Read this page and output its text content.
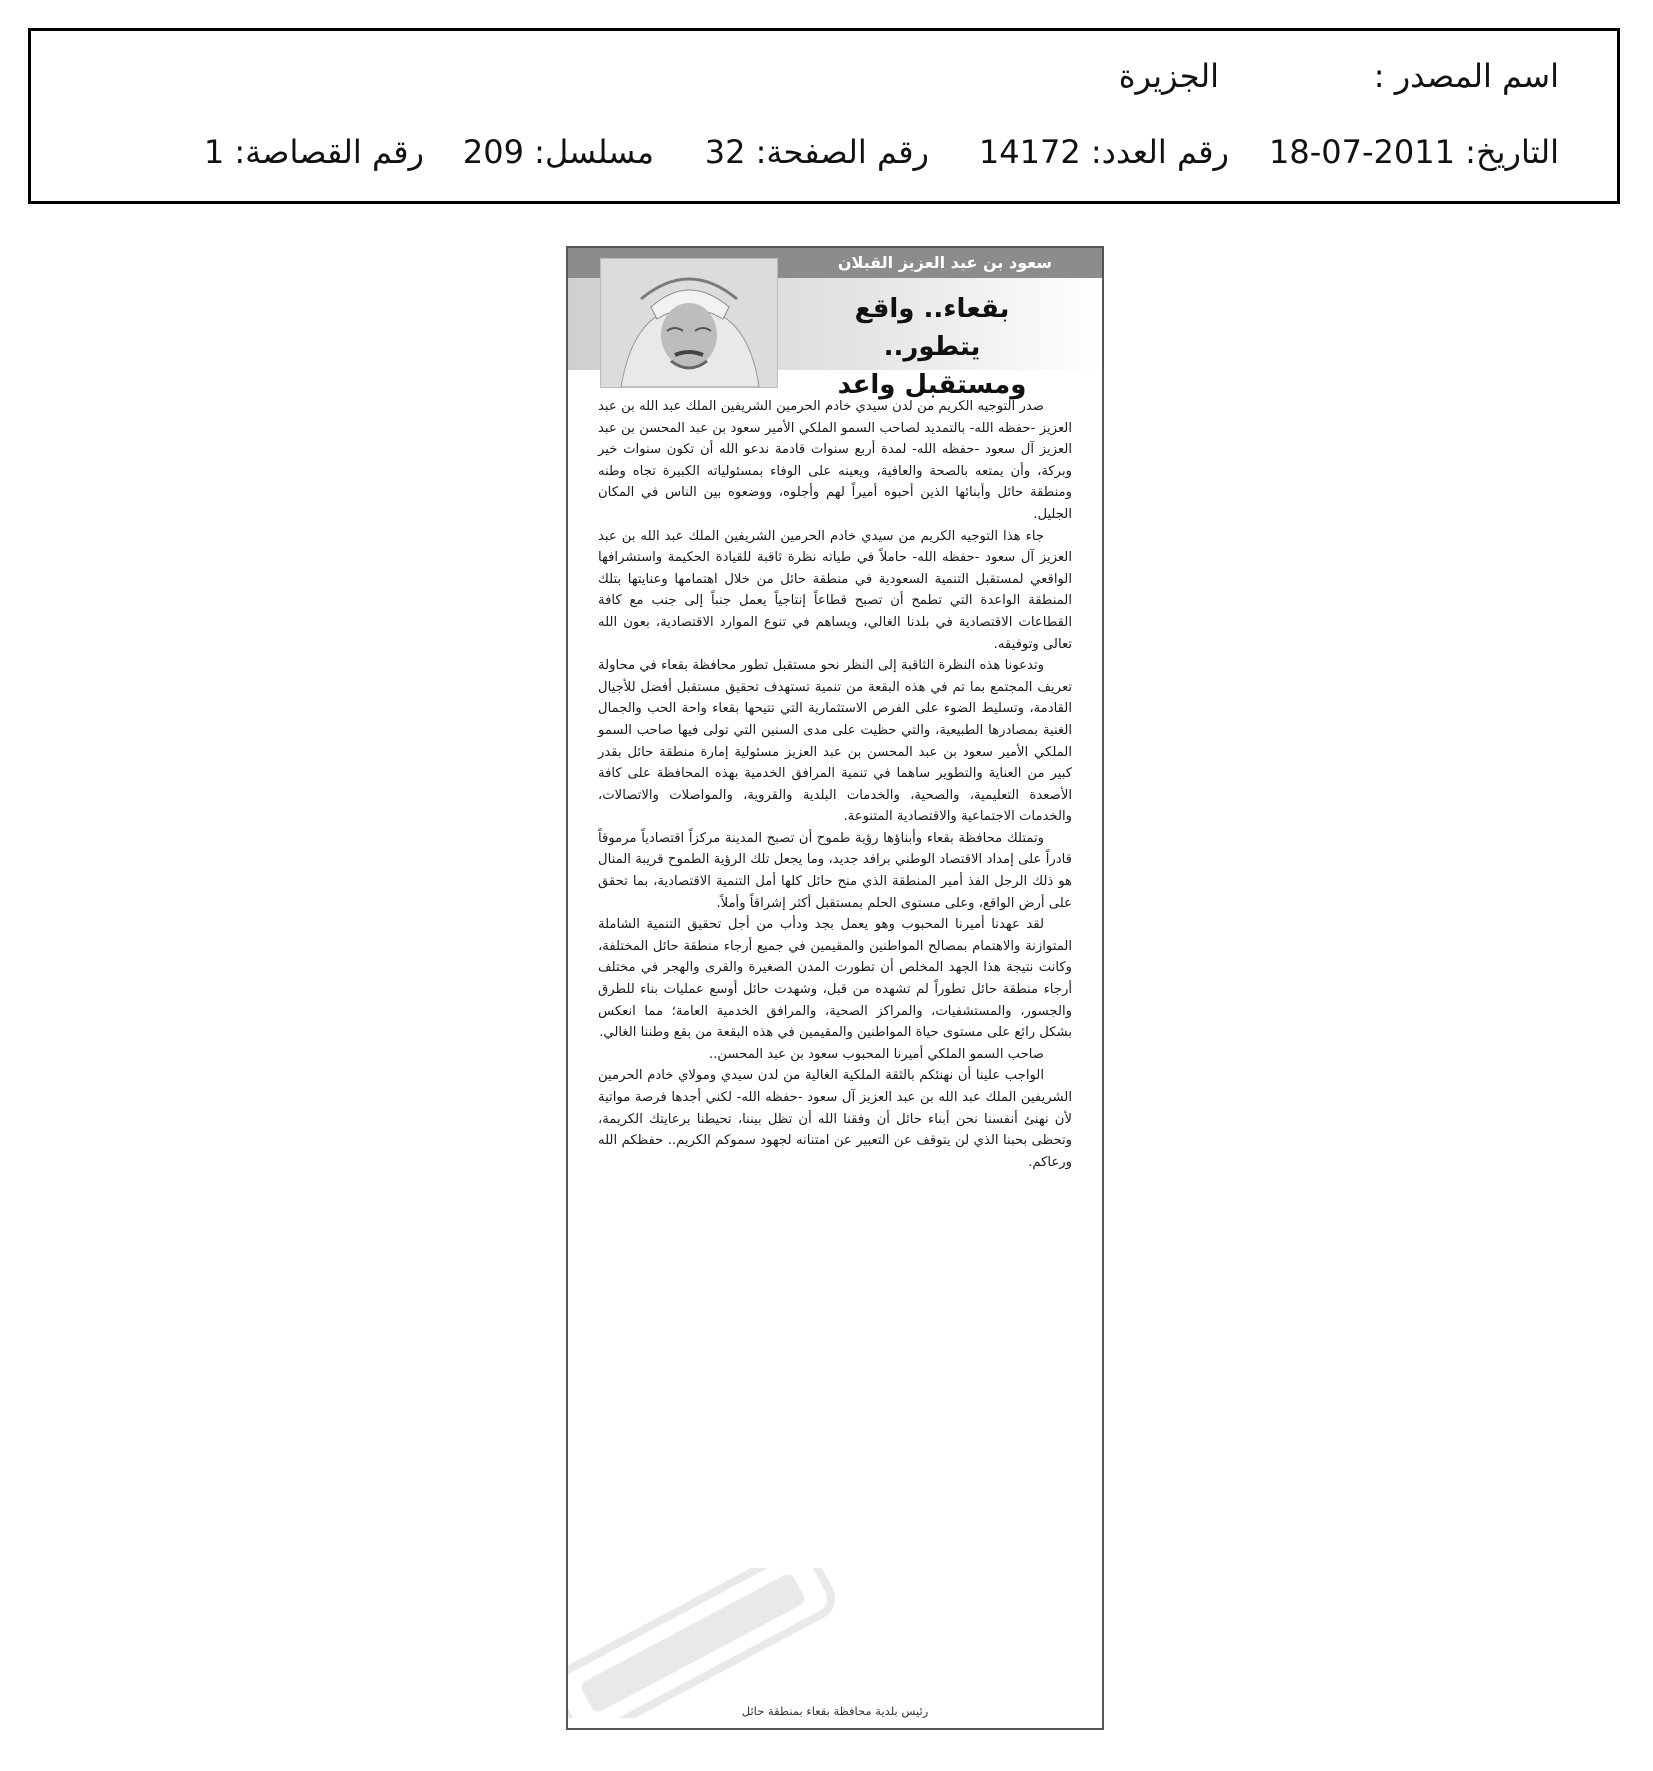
اسم المصدر :
الجزيرة
التاريخ: 2011-07-18
رقم العدد: 14172
رقم الصفحة: 32
مسلسل: 209
رقم القصاصة: 1
سعود بن عبد العزيز القبلان
بقعاء.. واقع يتطور..
ومستقبل واعد

صدر التوجيه الكريم من لدن سيدي خادم الحرمين الشريفين الملك عبد الله بن عبد العزيز -حفظه الله- بالتمديد لصاحب السمو الملكي الأمير سعود بن عبد المحسن بن عبد العزيز آل سعود -حفظه الله- لمدة أربع سنوات قادمة ندعو الله أن تكون سنوات خير وبركة، وأن يمتعه بالصحة والعافية، ويعينه على الوفاء بمسئولياته الكبيرة تجاه وطنه ومنطقة حائل وأبنائها الذين أحبوه أميراً لهم وأجلوه، ووضعوه بين الناس في المكان الجليل.

جاء هذا التوجيه الكريم من سيدي خادم الحرمين الشريفين الملك عبد الله بن عبد العزيز آل سعود -حفظه الله- حاملاً في طياته نظرة ثاقبة للقيادة الحكيمة واستشرافها الواقعي لمستقبل التنمية السعودية في منطقة حائل من خلال اهتمامها وعنايتها بتلك المنطقة الواعدة التي تطمح أن تصبح قطاعاً إنتاجياً يعمل جنباً إلى جنب مع كافة القطاعات الاقتصادية في بلدنا الغالي، ويساهم في تنوع الموارد الاقتصادية، بعون الله تعالى وتوفيقه.

وتدعونا هذه النظرة الثاقبة إلى النظر نحو مستقبل تطور محافظة بقعاء في محاولة تعريف المجتمع بما تم في هذه البقعة من تنمية تستهدف تحقيق مستقبل أفضل للأجيال القادمة، وتسليط الضوء على الفرص الاستثمارية التي تتيحها بقعاء واحة الحب والجمال الغنية بمصادرها الطبيعية، والتي حظيت على مدى السنين التي تولى فيها صاحب السمو الملكي الأمير سعود بن عبد المحسن بن عبد العزيز مسئولية إمارة منطقة حائل بقدر كبير من العناية والتطوير ساهما في تنمية المرافق الخدمية بهذه المحافظة على كافة الأصعدة التعليمية، والصحية، والخدمات البلدية والقروية، والمواصلات والاتصالات، والخدمات الاجتماعية والاقتصادية المتنوعة.

وتمتلك محافظة بقعاء وأبناؤها رؤية طموح أن تصبح المدينة مركزاً اقتصادياً مرموقاً قادراً على إمداد الاقتصاد الوطني برافد جديد، وما يجعل تلك الرؤية الطموح قريبة المنال هو ذلك الرجل الفذ أمير المنطقة الذي منح حائل كلها أمل التنمية الاقتصادية، بما تحقق على أرض الواقع، وعلى مستوى الحلم بمستقبل أكثر إشراقاً وأملاً.

لقد عهدنا أميرنا المحبوب وهو يعمل بجد ودأب من أجل تحقيق التنمية الشاملة المتوازنة والاهتمام بمصالح المواطنين والمقيمين في جميع أرجاء منطقة حائل المختلفة، وكانت نتيجة هذا الجهد المخلص أن تطورت المدن الصغيرة والقرى والهجر في مختلف أرجاء منطقة حائل تطوراً لم تشهده من قبل، وشهدت حائل أوسع عمليات بناء للطرق والجسور، والمستشفيات، والمراكز الصحية، والمرافق الخدمية العامة؛ مما انعكس بشكل رائع على مستوى حياة المواطنين والمقيمين في هذه البقعة من بقع وطننا الغالي.

صاحب السمو الملكي أميرنا المحبوب سعود بن عبد المحسن..

الواجب علينا أن نهنئكم بالثقة الملكية الغالية من لدن سيدي ومولاي خادم الحرمين الشريفين الملك عبد الله بن عبد العزيز آل سعود -حفظه الله- لكني أجدها فرصة مواتية لأن نهنئ أنفسنا نحن أبناء حائل أن وفقنا الله أن تظل بيننا، تحيطنا برعايتك الكريمة، وتحظى بحبنا الذي لن يتوقف عن التعبير عن امتنانه لجهود سموكم الكريم.. حفظكم الله ورعاكم.

رئيس بلدية محافظة بقعاء بمنطقة حائل
